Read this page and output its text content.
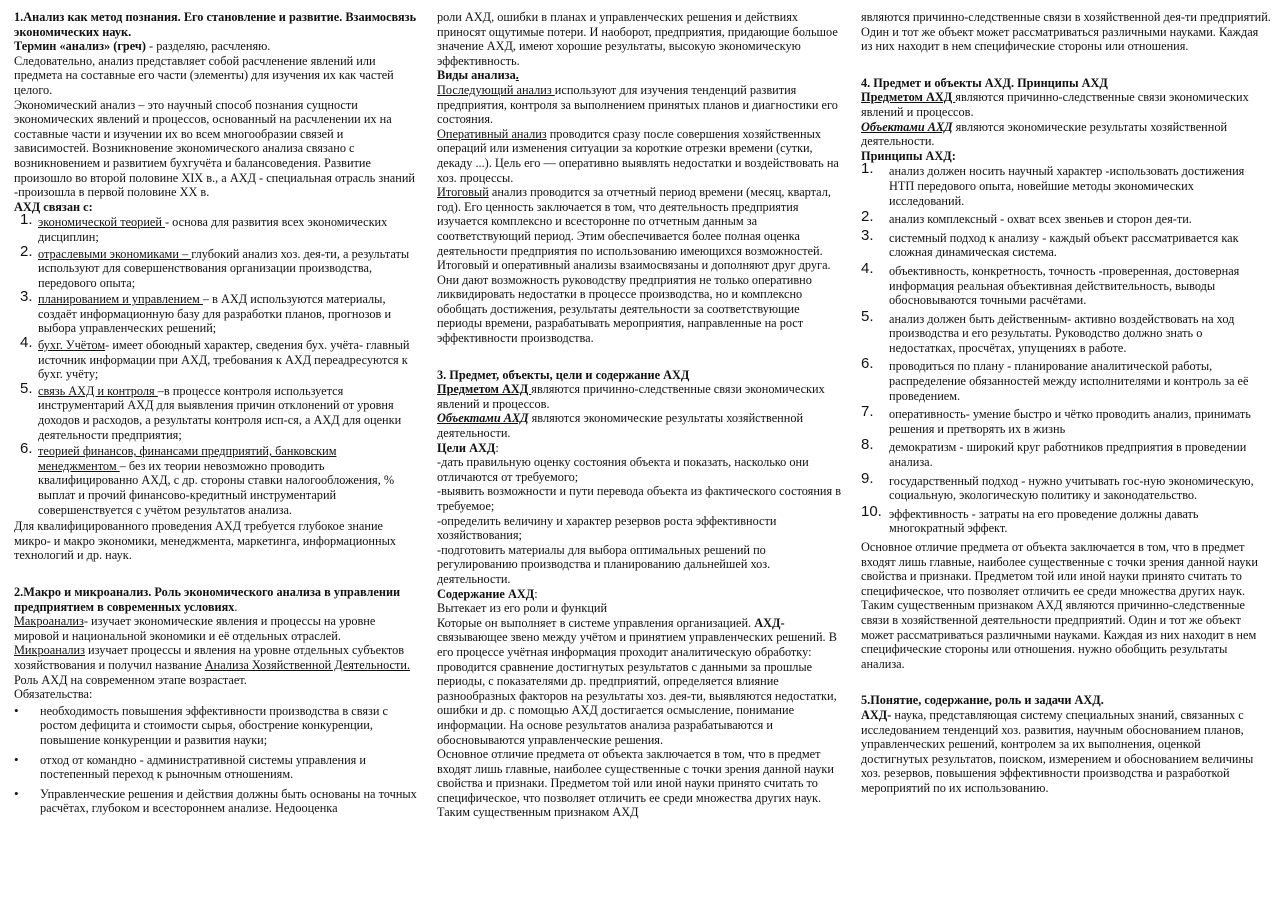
1.Анализ как метод познания. Его становление и развитие. Взаимосвязь экономических наук.

Термин «анализ» (греч) - разделяю, расчленяю.

Следовательно, анализ представляет собой расчленение явлений или предмета на составные его части (элементы) для изучения их как частей целого.

Экономический анализ – это научный способ познания сущности экономических явлений и процессов, основанный на расчленении их на составные части и изучении их во всем многообразии связей и зависимостей. Возникновение экономического анализа связано с возникновением и развитием бухгучёта и балансоведения. Развитие произошло во второй половине XIX в., а АХД - специальная отрасль знаний -произошла в первой половине XX в.

АХД связан с:

1. экономической теорией - основа для развития всех экономических дисциплин;
2. отраслевыми экономиками – глубокий анализ хоз. дея-ти, а результаты используют для совершенствования организации производства, передового опыта;
3. планированием и управлением – в АХД используются материалы, создаёт информационную базу для разработки планов, прогнозов и выбора управленческих решений;
4. бухг. Учётом- имеет обоюдный характер, сведения бух. учёта- главный источник информации при АХД, требования к АХД переадресуются к бухг. учёту;
5. связь АХД и контроля –в процессе контроля используется инструментарий АХД для выявления причин отклонений от уровня доходов и расходов, а результаты контроля исп-ся, а АХД для оценки деятельности предприятия;
6. теорией финансов, финансами предприятий, банковским менеджментом – без их теории невозможно проводить квалифицированно АХД, с др. стороны ставки налогообложения, % выплат и прочий финансово-кредитный инструментарий совершенствуется с учётом результатов анализа.

Для квалифицированного проведения АХД требуется глубокое знание микро- и макро экономики, менеджмента, маркетинга, информационных технологий и др. наук.

2.Макро и микроанализ. Роль экономического анализа в управлении предприятием в современных условиях.

Макроанализ- изучает экономические явления и процессы на уровне мировой и национальной экономики и её отдельных отраслей.

Микроанализ изучает процессы и явления на уровне отдельных субъектов хозяйствования и получил название Анализа Хозяйственной Деятельности.

Роль АХД на современном этапе возрастает.

Обязательства:

• необходимость повышения эффективности производства в связи с ростом дефицита и стоимости сырья, обострение конкуренции, повышение конкуренции и развития науки;
• отход от командно - административной системы управления и постепенный переход к рыночным отношениям.
• Управленческие решения и действия должны быть основаны на точных расчётах, глубоком и всестороннем анализе. Недооценка

роли АХД, ошибки в планах и управленческих решения и действиях приносят ощутимые потери. И наоборот, предприятия, придающие большое значение АХД, имеют хорошие результаты, высокую экономическую эффективность.

Виды анализа.

Последующий анализ используют для изучения тенденций развития предприятия, контроля за выполнением принятых планов и диагностики его состояния.

Оперативный анализ проводится сразу после совершения хозяйственных операций или изменения ситуации за короткие отрезки времени (сутки, декаду ...). Цель его — оперативно выявлять недостатки и воздействовать на хоз. процессы.

Итоговый анализ проводится за отчетный период времени (месяц, квартал, год). Его ценность заключается в том, что деятельность предприятия изучается комплексно и всесторонне по отчетным данным за соответствующий период. Этим обеспечивается более полная оценка деятельности предприятия по использованию имеющихся возможностей.

Итоговый и оперативный анализы взаимосвязаны и дополняют друг друга. Они дают возможность руководству предприятия не только оперативно ликвидировать недостатки в процессе производства, но и комплексно обобщать достижения, результаты деятельности за соответствующие периоды времени, разрабатывать мероприятия, направленные на рост эффективности производства.

3. Предмет, объекты, цели и содержание АХД

Предметом АХД являются причинно-следственные связи экономических явлений и процессов.

Объектами АХД являются экономические результаты хозяйственной деятельности.

Цели АХД:

-дать правильную оценку состояния объекта и показать, насколько они отличаются от требуемого;

-выявить возможности и пути перевода объекта из фактического состояния в требуемое;

-определить величину и характер резервов роста эффективности хозяйствования;

-подготовить материалы для выбора оптимальных решений по регулированию производства и планированию дальнейшей хоз. деятельности.

Содержание АХД:

Вытекает из его роли и функций

Которые он выполняет в системе управления организацией. АХД- связывающее звено между учётом и принятием управленческих решений. В его процессе учётная информация проходит аналитическую обработку: проводится сравнение достигнутых результатов с данными за прошлые периоды, с показателями др. предприятий, определяется влияние разнообразных факторов на результаты хоз. дея-ти, выявляются недостатки, ошибки и др. с помощью АХД достигается осмысление, понимание информации. На основе результатов анализа разрабатываются и обосновываются управленческие решения.

Основное отличие предмета от объекта заключается в том, что в предмет входят лишь главные, наиболее существенные с точки зрения данной науки свойства и признаки. Предметом той или иной науки принято считать то специфическое, что позволяет отличить ее среди множества других наук. Таким существенным признаком АХД

являются причинно-следственные связи в хозяйственной дея-ти предприятий. Один и тот же объект может рассматриваться различными науками. Каждая из них находит в нем специфические стороны или отношения.

4. Предмет и объекты АХД. Принципы АХД

Предметом АХД являются причинно-следственные связи экономических явлений и процессов.

Объектами АХД являются экономические результаты хозяйственной деятельности.

Принципы АХД:

1. анализ должен носить научный характер -использовать достижения НТП передового опыта, новейшие методы экономических исследований.
2. анализ комплексный - охват всех звеньев и сторон дея-ти.
3. системный подход к анализу - каждый объект рассматривается как сложная динамическая система.
4. объективность, конкретность, точность -проверенная, достоверная информация реальная объективная действительность, выводы обосновываются точными расчётами.
5. анализ должен быть действенным- активно воздействовать на ход производства и его результаты. Руководство должно знать о недостатках, просчётах, упущениях в работе.
6. проводиться по плану - планирование аналитической работы, распределение обязанностей между исполнителями и контроль за её проведением.
7. оперативность- умение быстро и чётко проводить анализ, принимать решения и претворять их в жизнь
8. демократизм - широкий круг работников предприятия в проведении анализа.
9. государственный подход - нужно учитывать гос-ную экономическую, социальную, экологическую политику и законодательство.
10. эффективность - затраты на его проведение должны давать многократный эффект.

Основное отличие предмета от объекта заключается в том, что в предмет входят лишь главные, наиболее существенные с точки зрения данной науки свойства и признаки. Предметом той или иной науки принято считать то специфическое, что позволяет отличить ее среди множества других наук. Таким существенным признаком АХД являются причинно-следственные связи в хозяйственной деятельности предприятий. Один и тот же объект может рассматриваться различными науками. Каждая из них находит в нем специфические стороны или отношения. нужно обобщить результаты анализа.

5.Понятие, содержание, роль и задачи АХД.

АХД- наука, представляющая систему специальных знаний, связанных с исследованием тенденций хоз. развития, научным обоснованием планов, управленческих решений, контролем за их выполнения, оценкой достигнутых результатов, поиском, измерением и обоснованием величины хоз. резервов, повышения эффективности производства и разработкой мероприятий по их использованию.
